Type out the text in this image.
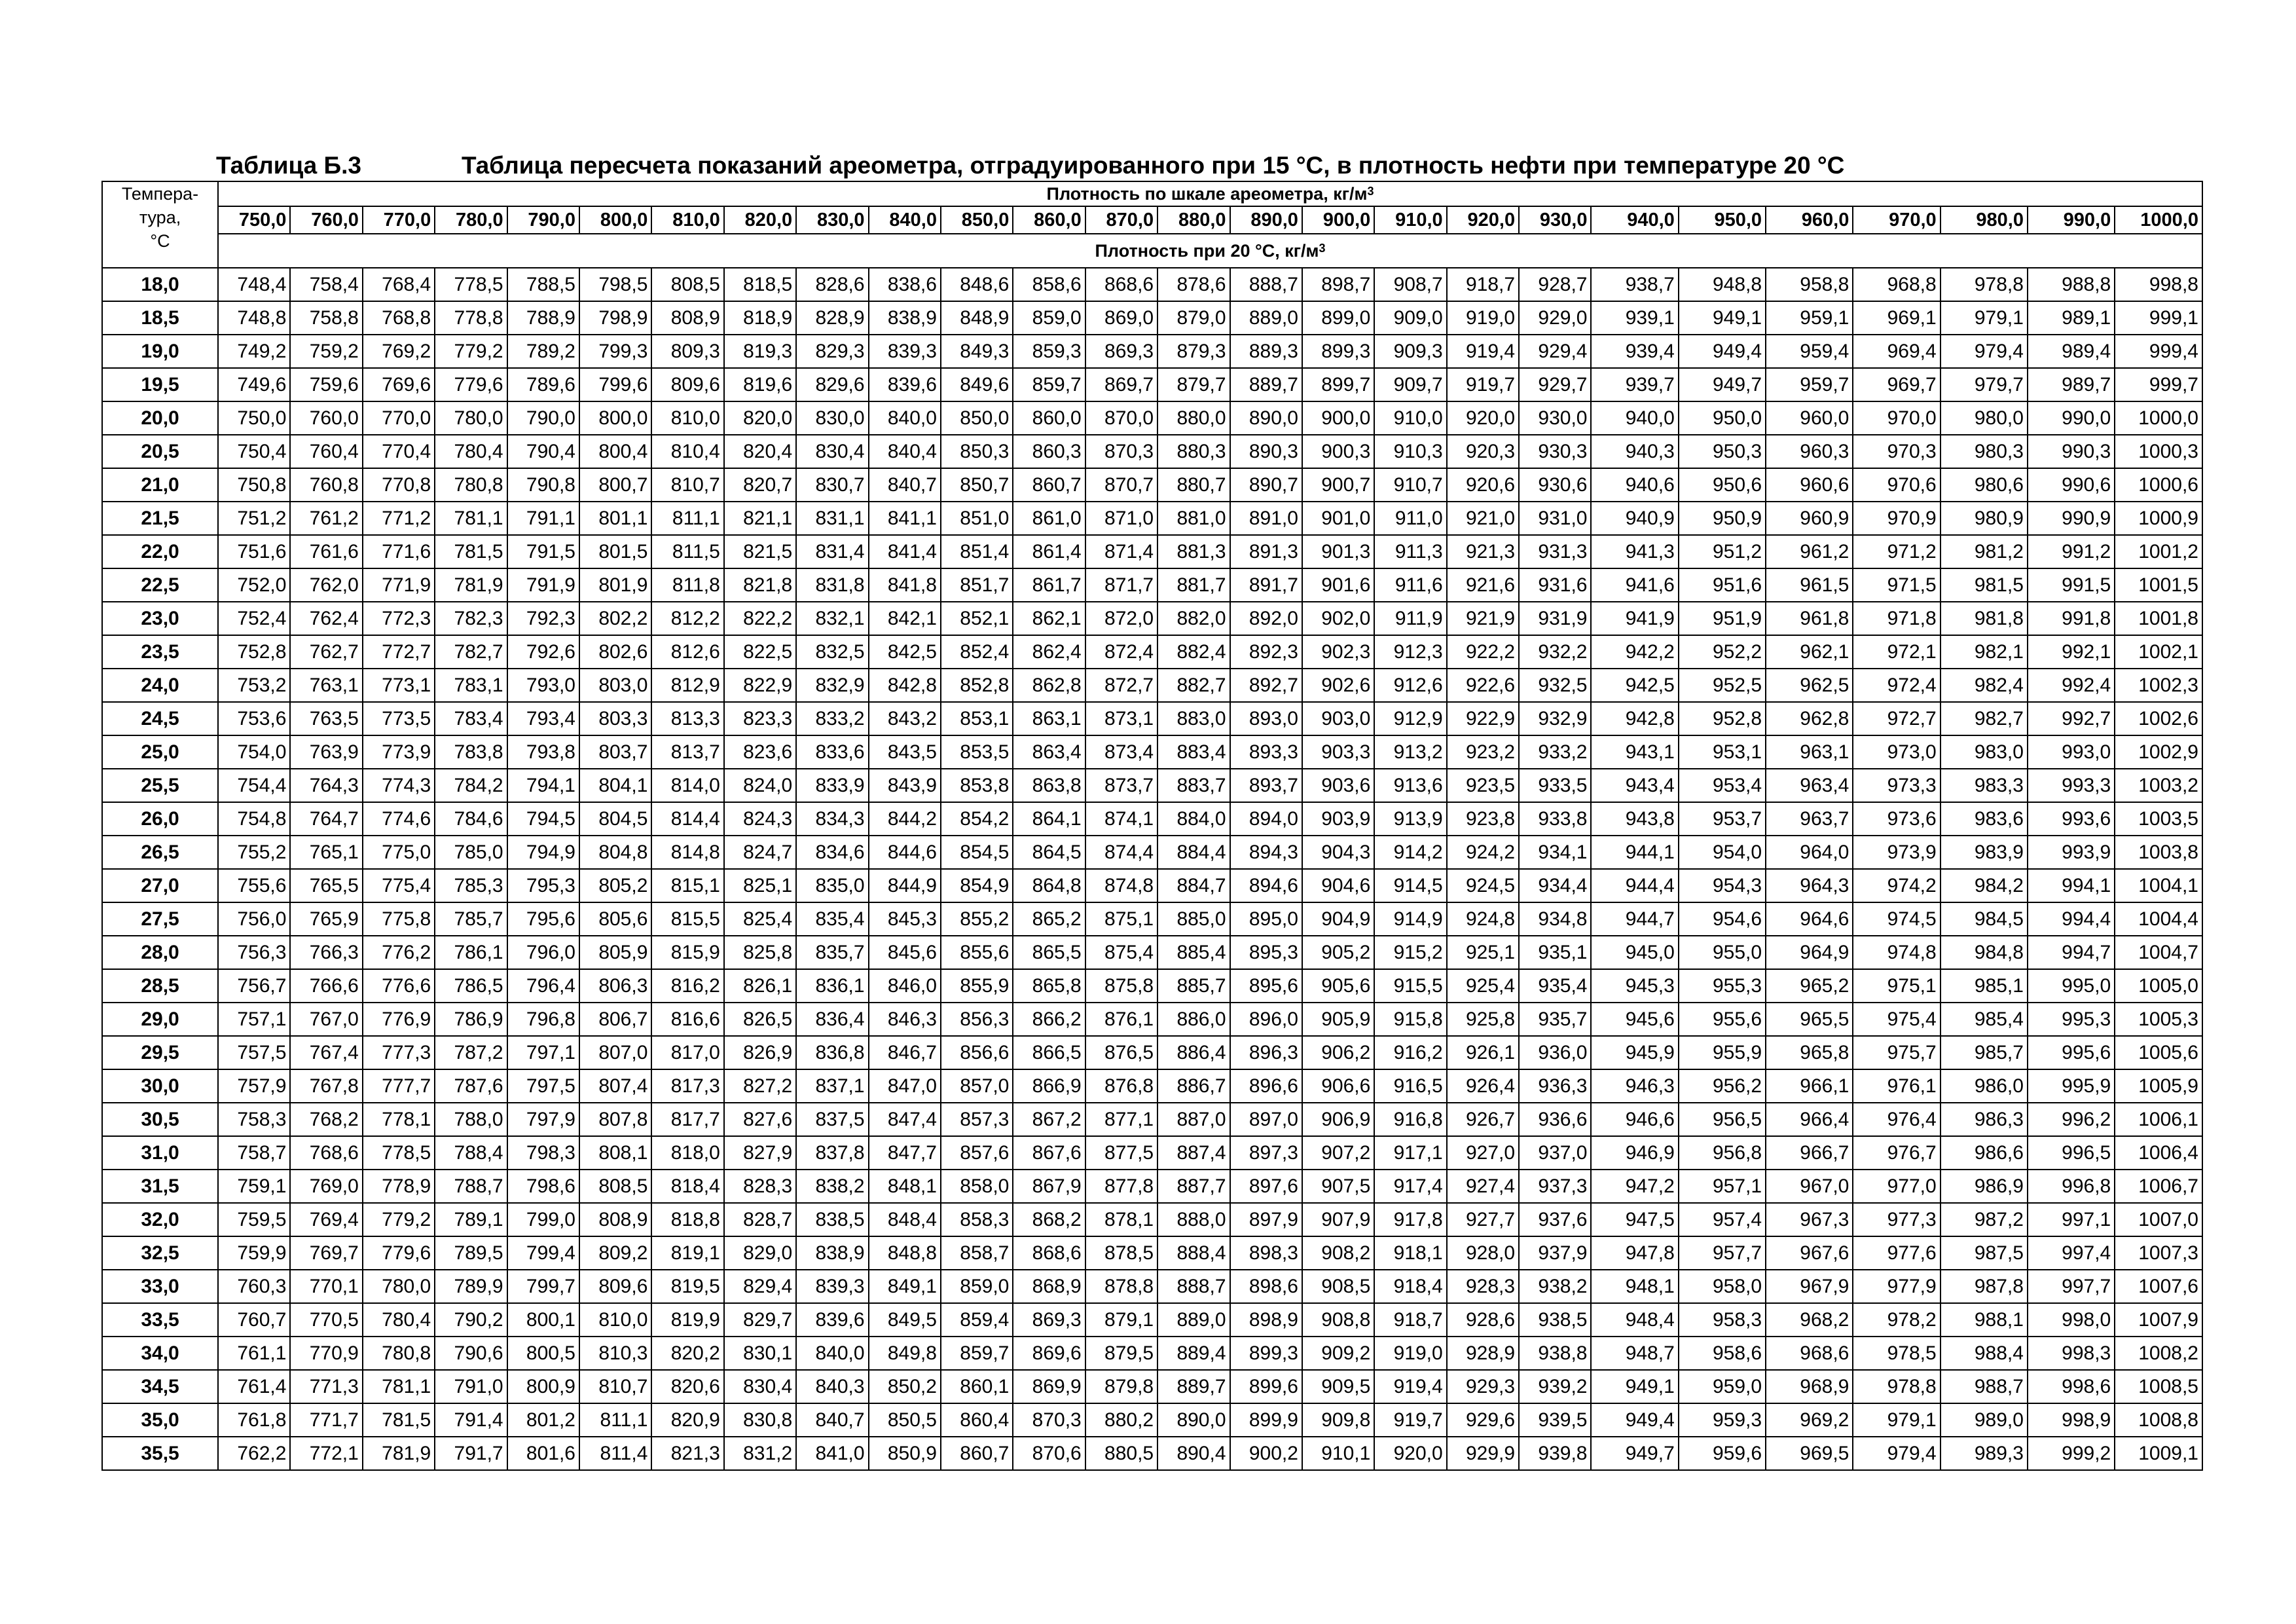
Таблица Б.3	Таблица пересчета показаний ареометра, отградуированного при 15 °С, в плотность нефти при температуре 20 °С
Темпера-
тура,
°С	Плотность по шкале ареометра, $кг/м^3$
	750,0	760,0	770,0	780,0	790,0	800,0	810,0	820,0	830,0	840,0	850,0	860,0	870,0	880,0	890,0	900,0	910,0	920,0	930,0	940,0	950,0	960,0	970,0	980,0	990,0	1000,0
	Плотность при 20 °С, $кг/м^3$
18,0	748,4	758,4	768,4	778,5	788,5	798,5	808,5	818,5	828,6	838,6	848,6	858,6	868,6	878,6	888,7	898,7	908,7	918,7	928,7	938,7	948,8	958,8	968,8	978,8	988,8	998,8
18,5	748,8	758,8	768,8	778,8	788,9	798,9	808,9	818,9	828,9	838,9	848,9	859,0	869,0	879,0	889,0	899,0	909,0	919,0	929,0	939,1	949,1	959,1	969,1	979,1	989,1	999,1
19,0	749,2	759,2	769,2	779,2	789,2	799,3	809,3	819,3	829,3	839,3	849,3	859,3	869,3	879,3	889,3	899,3	909,3	919,4	929,4	939,4	949,4	959,4	969,4	979,4	989,4	999,4
19,5	749,6	759,6	769,6	779,6	789,6	799,6	809,6	819,6	829,6	839,6	849,6	859,7	869,7	879,7	889,7	899,7	909,7	919,7	929,7	939,7	949,7	959,7	969,7	979,7	989,7	999,7
20,0	750,0	760,0	770,0	780,0	790,0	800,0	810,0	820,0	830,0	840,0	850,0	860,0	870,0	880,0	890,0	900,0	910,0	920,0	930,0	940,0	950,0	960,0	970,0	980,0	990,0	1000,0
20,5	750,4	760,4	770,4	780,4	790,4	800,4	810,4	820,4	830,4	840,4	850,3	860,3	870,3	880,3	890,3	900,3	910,3	920,3	930,3	940,3	950,3	960,3	970,3	980,3	990,3	1000,3
21,0	750,8	760,8	770,8	780,8	790,8	800,7	810,7	820,7	830,7	840,7	850,7	860,7	870,7	880,7	890,7	900,7	910,7	920,6	930,6	940,6	950,6	960,6	970,6	980,6	990,6	1000,6
21,5	751,2	761,2	771,2	781,1	791,1	801,1	811,1	821,1	831,1	841,1	851,0	861,0	871,0	881,0	891,0	901,0	911,0	921,0	931,0	940,9	950,9	960,9	970,9	980,9	990,9	1000,9
22,0	751,6	761,6	771,6	781,5	791,5	801,5	811,5	821,5	831,4	841,4	851,4	861,4	871,4	881,3	891,3	901,3	911,3	921,3	931,3	941,3	951,2	961,2	971,2	981,2	991,2	1001,2
22,5	752,0	762,0	771,9	781,9	791,9	801,9	811,8	821,8	831,8	841,8	851,7	861,7	871,7	881,7	891,7	901,6	911,6	921,6	931,6	941,6	951,6	961,5	971,5	981,5	991,5	1001,5
23,0	752,4	762,4	772,3	782,3	792,3	802,2	812,2	822,2	832,1	842,1	852,1	862,1	872,0	882,0	892,0	902,0	911,9	921,9	931,9	941,9	951,9	961,8	971,8	981,8	991,8	1001,8
23,5	752,8	762,7	772,7	782,7	792,6	802,6	812,6	822,5	832,5	842,5	852,4	862,4	872,4	882,4	892,3	902,3	912,3	922,2	932,2	942,2	952,2	962,1	972,1	982,1	992,1	1002,1
24,0	753,2	763,1	773,1	783,1	793,0	803,0	812,9	822,9	832,9	842,8	852,8	862,8	872,7	882,7	892,7	902,6	912,6	922,6	932,5	942,5	952,5	962,5	972,4	982,4	992,4	1002,3
24,5	753,6	763,5	773,5	783,4	793,4	803,3	813,3	823,3	833,2	843,2	853,1	863,1	873,1	883,0	893,0	903,0	912,9	922,9	932,9	942,8	952,8	962,8	972,7	982,7	992,7	1002,6
25,0	754,0	763,9	773,9	783,8	793,8	803,7	813,7	823,6	833,6	843,5	853,5	863,4	873,4	883,4	893,3	903,3	913,2	923,2	933,2	943,1	953,1	963,1	973,0	983,0	993,0	1002,9
25,5	754,4	764,3	774,3	784,2	794,1	804,1	814,0	824,0	833,9	843,9	853,8	863,8	873,7	883,7	893,7	903,6	913,6	923,5	933,5	943,4	953,4	963,4	973,3	983,3	993,3	1003,2
26,0	754,8	764,7	774,6	784,6	794,5	804,5	814,4	824,3	834,3	844,2	854,2	864,1	874,1	884,0	894,0	903,9	913,9	923,8	933,8	943,8	953,7	963,7	973,6	983,6	993,6	1003,5
26,5	755,2	765,1	775,0	785,0	794,9	804,8	814,8	824,7	834,6	844,6	854,5	864,5	874,4	884,4	894,3	904,3	914,2	924,2	934,1	944,1	954,0	964,0	973,9	983,9	993,9	1003,8
27,0	755,6	765,5	775,4	785,3	795,3	805,2	815,1	825,1	835,0	844,9	854,9	864,8	874,8	884,7	894,6	904,6	914,5	924,5	934,4	944,4	954,3	964,3	974,2	984,2	994,1	1004,1
27,5	756,0	765,9	775,8	785,7	795,6	805,6	815,5	825,4	835,4	845,3	855,2	865,2	875,1	885,0	895,0	904,9	914,9	924,8	934,8	944,7	954,6	964,6	974,5	984,5	994,4	1004,4
28,0	756,3	766,3	776,2	786,1	796,0	805,9	815,9	825,8	835,7	845,6	855,6	865,5	875,4	885,4	895,3	905,2	915,2	925,1	935,1	945,0	955,0	964,9	974,8	984,8	994,7	1004,7
28,5	756,7	766,6	776,6	786,5	796,4	806,3	816,2	826,1	836,1	846,0	855,9	865,8	875,8	885,7	895,6	905,6	915,5	925,4	935,4	945,3	955,3	965,2	975,1	985,1	995,0	1005,0
29,0	757,1	767,0	776,9	786,9	796,8	806,7	816,6	826,5	836,4	846,3	856,3	866,2	876,1	886,0	896,0	905,9	915,8	925,8	935,7	945,6	955,6	965,5	975,4	985,4	995,3	1005,3
29,5	757,5	767,4	777,3	787,2	797,1	807,0	817,0	826,9	836,8	846,7	856,6	866,5	876,5	886,4	896,3	906,2	916,2	926,1	936,0	945,9	955,9	965,8	975,7	985,7	995,6	1005,6
30,0	757,9	767,8	777,7	787,6	797,5	807,4	817,3	827,2	837,1	847,0	857,0	866,9	876,8	886,7	896,6	906,6	916,5	926,4	936,3	946,3	956,2	966,1	976,1	986,0	995,9	1005,9
30,5	758,3	768,2	778,1	788,0	797,9	807,8	817,7	827,6	837,5	847,4	857,3	867,2	877,1	887,0	897,0	906,9	916,8	926,7	936,6	946,6	956,5	966,4	976,4	986,3	996,2	1006,1
31,0	758,7	768,6	778,5	788,4	798,3	808,1	818,0	827,9	837,8	847,7	857,6	867,6	877,5	887,4	897,3	907,2	917,1	927,0	937,0	946,9	956,8	966,7	976,7	986,6	996,5	1006,4
31,5	759,1	769,0	778,9	788,7	798,6	808,5	818,4	828,3	838,2	848,1	858,0	867,9	877,8	887,7	897,6	907,5	917,4	927,4	937,3	947,2	957,1	967,0	977,0	986,9	996,8	1006,7
32,0	759,5	769,4	779,2	789,1	799,0	808,9	818,8	828,7	838,5	848,4	858,3	868,2	878,1	888,0	897,9	907,9	917,8	927,7	937,6	947,5	957,4	967,3	977,3	987,2	997,1	1007,0
32,5	759,9	769,7	779,6	789,5	799,4	809,2	819,1	829,0	838,9	848,8	858,7	868,6	878,5	888,4	898,3	908,2	918,1	928,0	937,9	947,8	957,7	967,6	977,6	987,5	997,4	1007,3
33,0	760,3	770,1	780,0	789,9	799,7	809,6	819,5	829,4	839,3	849,1	859,0	868,9	878,8	888,7	898,6	908,5	918,4	928,3	938,2	948,1	958,0	967,9	977,9	987,8	997,7	1007,6
33,5	760,7	770,5	780,4	790,2	800,1	810,0	819,9	829,7	839,6	849,5	859,4	869,3	879,1	889,0	898,9	908,8	918,7	928,6	938,5	948,4	958,3	968,2	978,2	988,1	998,0	1007,9
34,0	761,1	770,9	780,8	790,6	800,5	810,3	820,2	830,1	840,0	849,8	859,7	869,6	879,5	889,4	899,3	909,2	919,0	928,9	938,8	948,7	958,6	968,6	978,5	988,4	998,3	1008,2
34,5	761,4	771,3	781,1	791,0	800,9	810,7	820,6	830,4	840,3	850,2	860,1	869,9	879,8	889,7	899,6	909,5	919,4	929,3	939,2	949,1	959,0	968,9	978,8	988,7	998,6	1008,5
35,0	761,8	771,7	781,5	791,4	801,2	811,1	820,9	830,8	840,7	850,5	860,4	870,3	880,2	890,0	899,9	909,8	919,7	929,6	939,5	949,4	959,3	969,2	979,1	989,0	998,9	1008,8
35,5	762,2	772,1	781,9	791,7	801,6	811,4	821,3	831,2	841,0	850,9	860,7	870,6	880,5	890,4	900,2	910,1	920,0	929,9	939,8	949,7	959,6	969,5	979,4	989,3	999,2	1009,1
